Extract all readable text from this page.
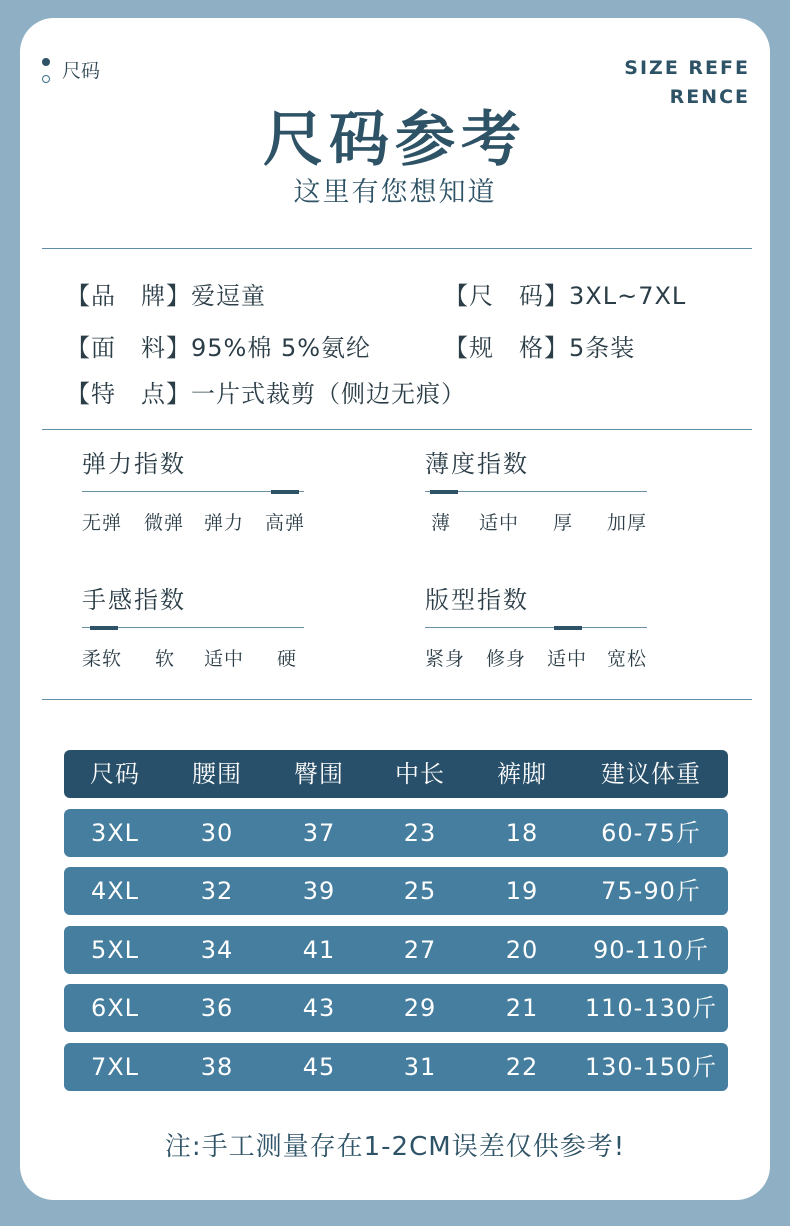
尺码	SIZE REFE RENCE
尺码参考
这里有您想知道
【品　牌】爱逗童	【尺　码】3XL~7XL
【面　料】95%棉 5%氨纶	【规　格】5条装
【特　点】一片式裁剪（侧边无痕）
弹力指数
无弹 微弹 弹力 高弹
薄度指数
薄 适中 厚 加厚
手感指数
柔软 软 适中 硬
版型指数
紧身 修身 适中 宽松
尺码	腰围	臀围	中长	裤脚	建议体重
3XL	30	37	23	18	60-75斤
4XL	32	39	25	19	75-90斤
5XL	34	41	27	20	90-110斤
6XL	36	43	29	21	110-130斤
7XL	38	45	31	22	130-150斤
注:手工测量存在1-2CM误差仅供参考!
